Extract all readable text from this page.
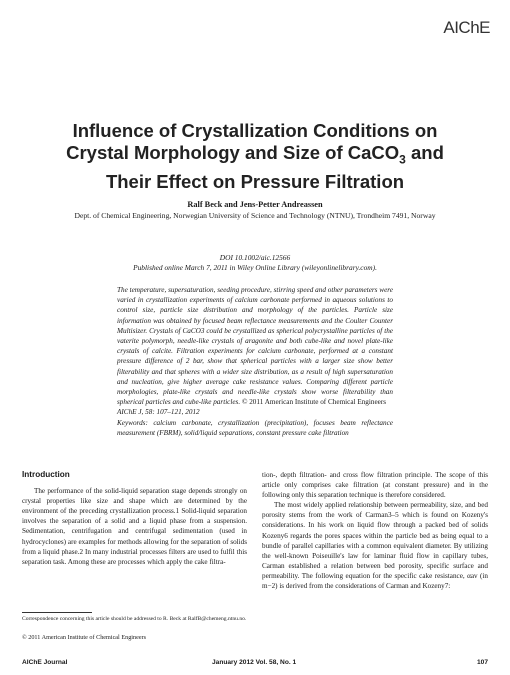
AIChE
Influence of Crystallization Conditions on
Crystal Morphology and Size of CaCO$_3$ and
Their Effect on Pressure Filtration
Ralf Beck and Jens-Petter Andreassen
Dept. of Chemical Engineering, Norwegian University of Science and Technology (NTNU), Trondheim 7491, Norway
DOI 10.1002/aic.12566
Published online March 7, 2011 in Wiley Online Library (wileyonlinelibrary.com).
The temperature, supersaturation, seeding procedure, stirring speed and other parameters were varied in crystallization experiments of calcium carbonate performed in aqueous solutions to control size, particle size distribution and morphology of the particles. Particle size information was obtained by focused beam reflectance measurements and the Coulter Counter Multisizer. Crystals of CaCO3 could be crystallized as spherical polycrystalline particles of the vaterite polymorph, needle-like crystals of aragonite and both cube-like and novel plate-like crystals of calcite. Filtration experiments for calcium carbonate, performed at a constant pressure difference of 2 bar, show that spherical particles with a larger size show better filterability and that spheres with a wider size distribution, as a result of high supersaturation and nucleation, give higher average cake resistance values. Comparing different particle morphologies, plate-like crystals and needle-like crystals show worse filterability than spherical particles and cube-like particles. © 2011 American Institute of Chemical Engineers
AIChE J, 58: 107–121, 2012
Keywords: calcium carbonate, crystallization (precipitation), focuses beam reflectance measurement (FBRM), solid/liquid separations, constant pressure cake filtration
Introduction

The performance of the solid-liquid separation stage depends strongly on crystal properties like size and shape which are determined by the environment of the preceding crystallization process.1 Solid-liquid separation involves the separation of a solid and a liquid phase from a suspension. Sedimentation, centrifugation and centrifugal sedimentation (used in hydrocyclones) are examples for methods allowing for the separation of solids from a liquid phase.2 In many industrial processes filters are used to fulfil this separation task. Among these are processes which apply the cake filtra-

tion-, depth filtration- and cross flow filtration principle. The scope of this article only comprises cake filtration (at constant pressure) and in the following only this separation technique is therefore considered.

The most widely applied relationship between permeability, size, and bed porosity stems from the work of Carman3–5 which is found on Kozeny's considerations. In his work on liquid flow through a packed bed of solids Kozeny6 regards the pores spaces within the particle bed as being equal to a bundle of parallel capillaries with a common equivalent diameter. By utilizing the well-known Poiseuille's law for laminar fluid flow in capillary tubes, Carman established a relation between bed porosity, specific surface and permeability. The following equation for the specific cake resistance, αav (in m−2) is derived from the considerations of Carman and Kozeny7:

Correspondence concerning this article should be addressed to R. Beck at RalfB@chemeng.ntnu.no.
© 2011 American Institute of Chemical Engineers
AIChE Journal	January 2012 Vol. 58, No. 1	107
